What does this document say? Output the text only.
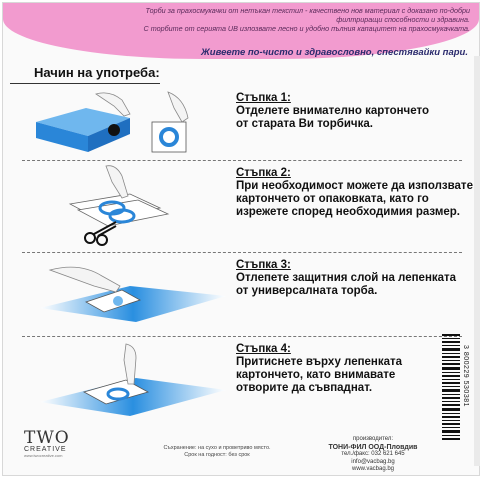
Торби за прахосмукачки от нетъкан текстил - качествено нов материал с доказано по-добри
филтриращи способности и здравина.
С торбите от серията UB изпозвате лесно и удобно пълния капацитет на прахосмукачката.
Живеете по-чисто и здравословно, спестявайки пари.
Начин на употреба:
Стъпка 1:
Отделете внимателно картончето
от старата Ви торбичка.
Стъпка 2:
При необходимост можете да използвате
картончето от опаковката, като го
изрежете според необходимия размер.
Стъпка 3:
Отлепете защитния слой на лепенката
от универсалната торба.
Стъпка 4:
Притиснете върху лепенката
картончето, като внимавате
отворите да съвпаднат.	3 800229 530381
TWO
CREATIVE
www.twocreative.com
Съхранение: на сухо и проветриво място.
Срок на годност: без срок
производител:
ТОНИ-ФИЛ ООД-Пловдив
тел./факс: 032 621 645
info@vacbag.bg
www.vacbag.bg
